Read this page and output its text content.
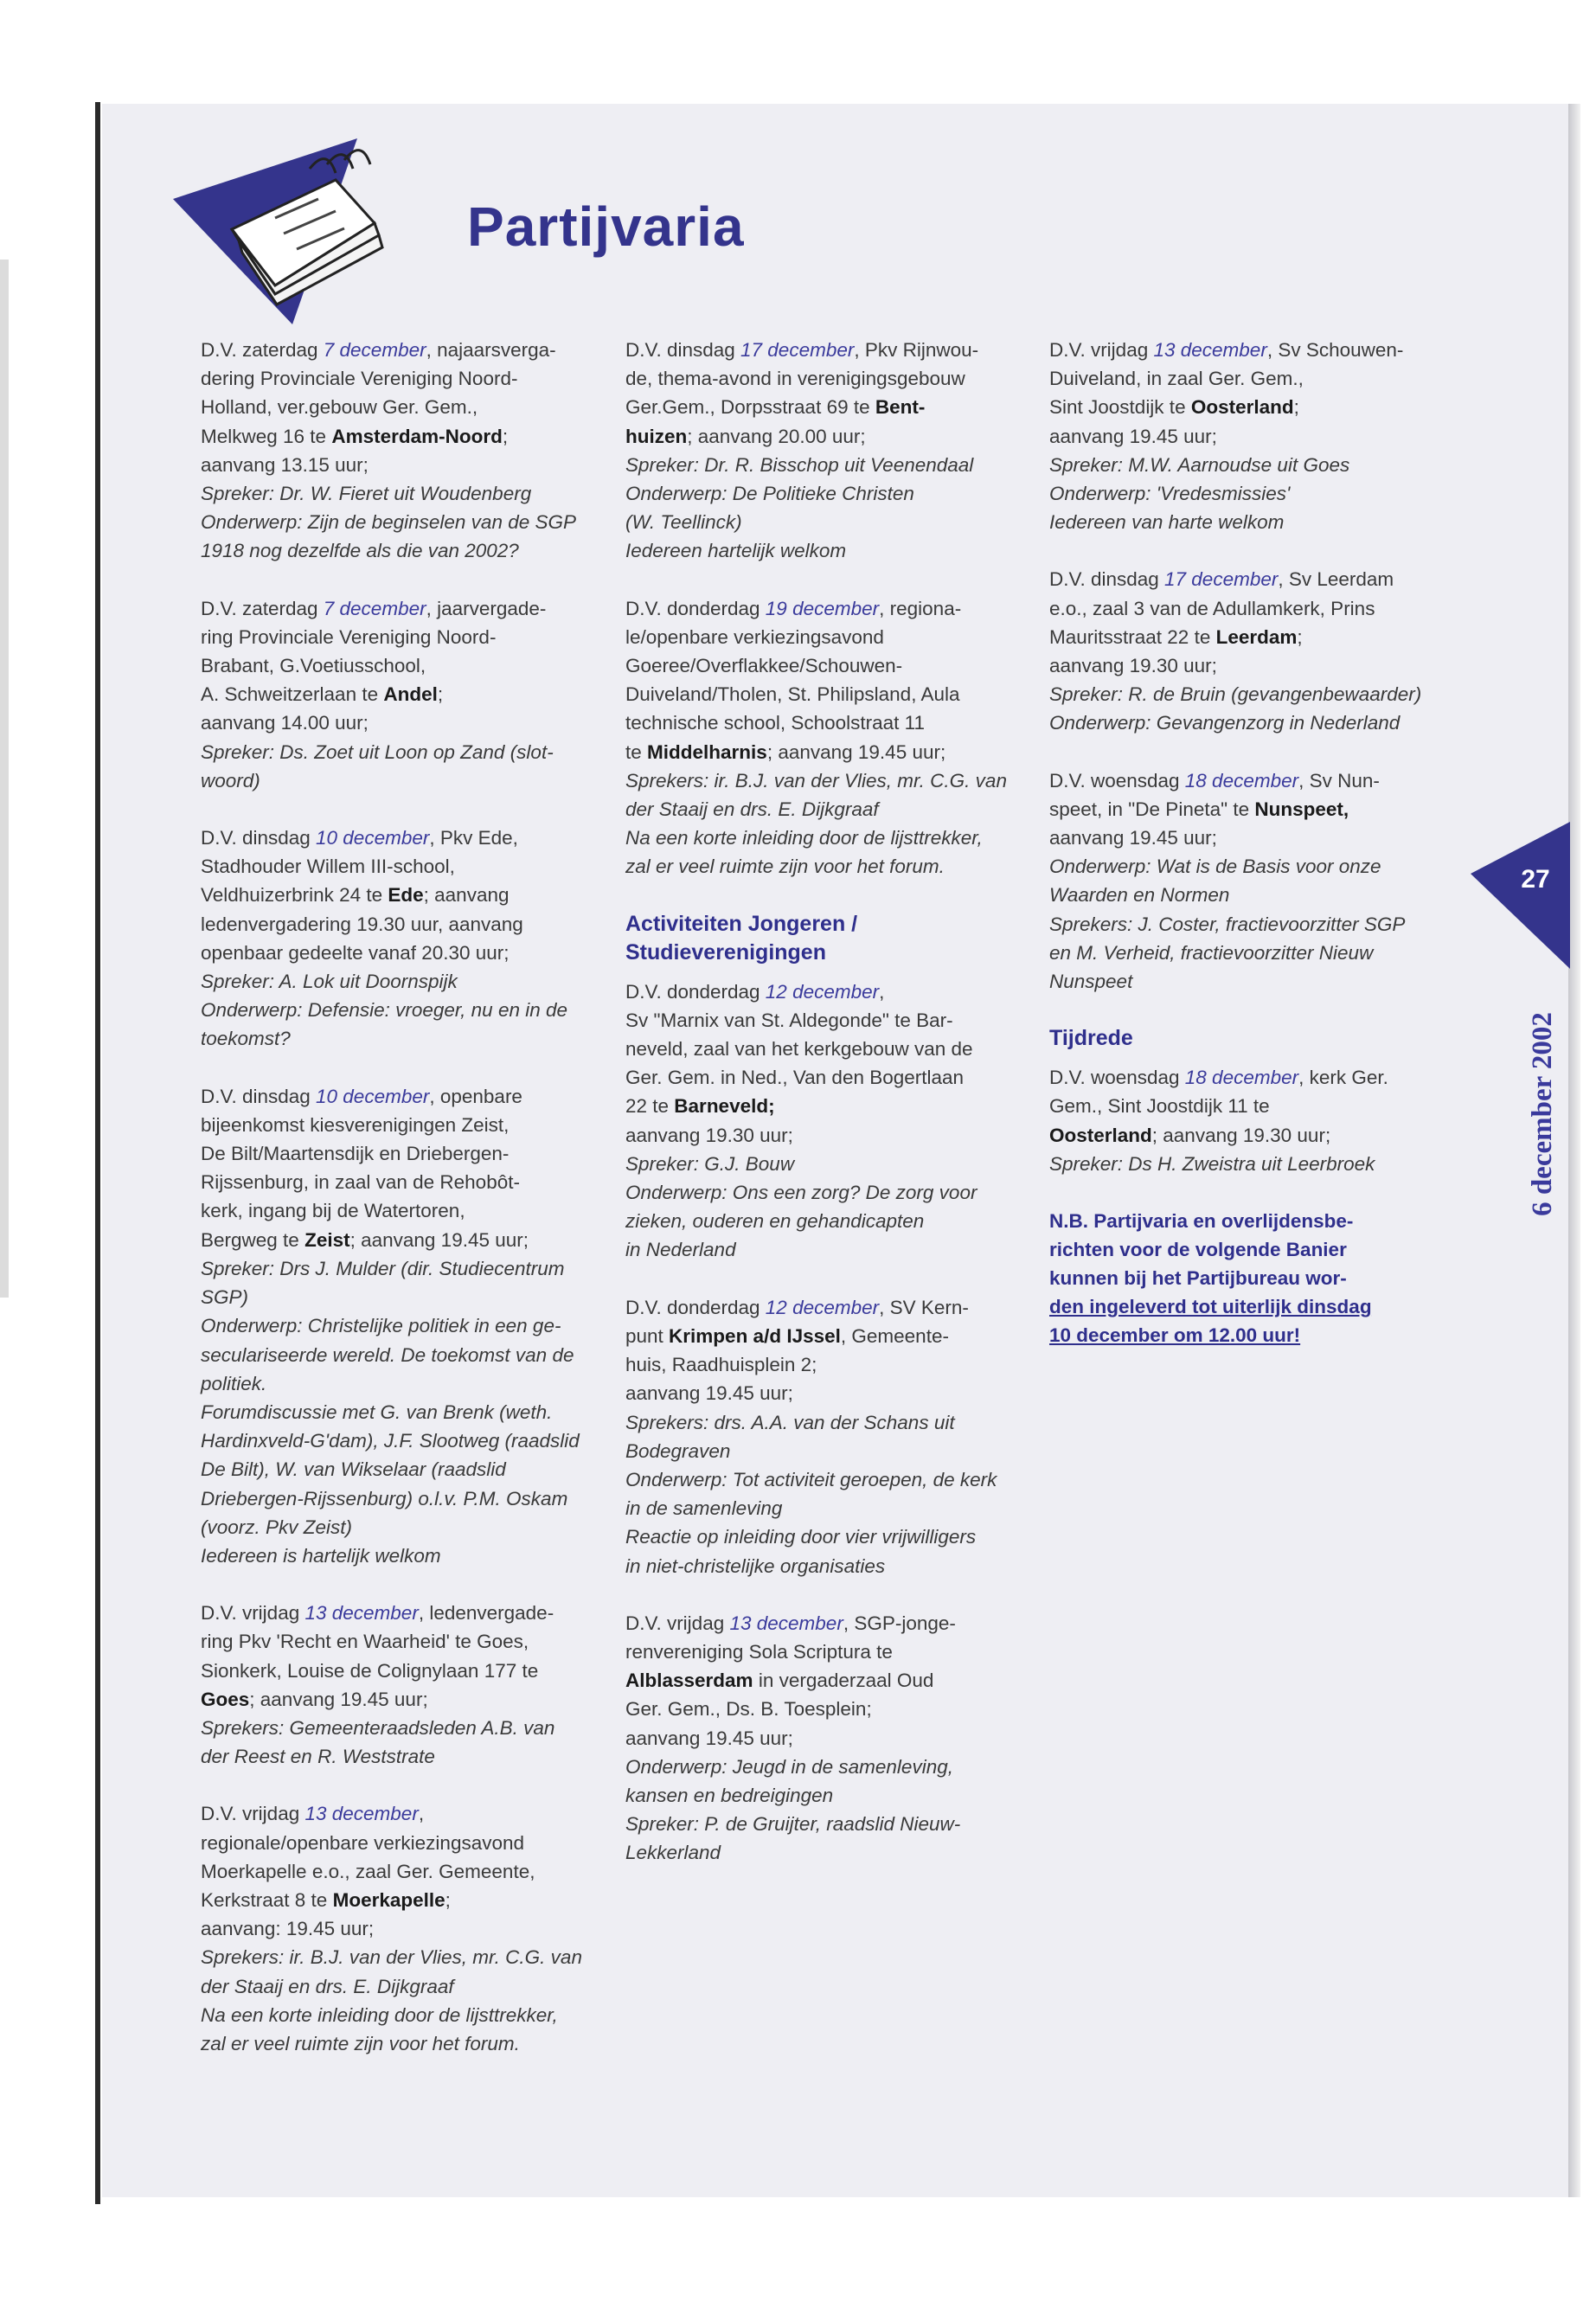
Partijvaria
D.V. zaterdag 7 december, najaarsverga-
dering Provinciale Vereniging Noord-
Holland, ver.gebouw Ger. Gem.,
Melkweg 16 te Amsterdam-Noord;
aanvang 13.15 uur;
Spreker: Dr. W. Fieret uit Woudenberg
Onderwerp: Zijn de beginselen van de SGP
1918 nog dezelfde als die van 2002?
D.V. zaterdag 7 december, jaarvergade-
ring Provinciale Vereniging Noord-
Brabant, G.Voetiusschool,
A. Schweitzerlaan te Andel;
aanvang 14.00 uur;
Spreker: Ds. Zoet uit Loon op Zand (slot-
woord)
D.V. dinsdag 10 december, Pkv Ede,
Stadhouder Willem III-school,
Veldhuizerbrink 24 te Ede; aanvang
ledenvergadering 19.30 uur, aanvang
openbaar gedeelte vanaf 20.30 uur;
Spreker: A. Lok uit Doornspijk
Onderwerp: Defensie: vroeger, nu en in de
toekomst?
D.V. dinsdag 10 december, openbare
bijeenkomst kiesverenigingen Zeist,
De Bilt/Maartensdijk en Driebergen-
Rijssenburg, in zaal van de Rehobôt-
kerk, ingang bij de Watertoren,
Bergweg te Zeist; aanvang 19.45 uur;
Spreker: Drs J. Mulder (dir. Studiecentrum
SGP)
Onderwerp: Christelijke politiek in een ge-
seculariseerde wereld. De toekomst van de
politiek.
Forumdiscussie met G. van Brenk (weth.
Hardinxveld-G'dam), J.F. Slootweg (raadslid
De Bilt), W. van Wikselaar (raadslid
Driebergen-Rijssenburg) o.l.v. P.M. Oskam
(voorz. Pkv Zeist)
Iedereen is hartelijk welkom
D.V. vrijdag 13 december, ledenvergade-
ring Pkv 'Recht en Waarheid' te Goes,
Sionkerk, Louise de Colignylaan 177 te
Goes; aanvang 19.45 uur;
Sprekers: Gemeenteraadsleden A.B. van
der Reest en R. Weststrate
D.V. vrijdag 13 december,
regionale/openbare verkiezingsavond
Moerkapelle e.o., zaal Ger. Gemeente,
Kerkstraat 8 te Moerkapelle;
aanvang: 19.45 uur;
Sprekers: ir. B.J. van der Vlies, mr. C.G. van
der Staaij en drs. E. Dijkgraaf
Na een korte inleiding door de lijsttrekker,
zal er veel ruimte zijn voor het forum.
D.V. dinsdag 17 december, Pkv Rijnwou-
de, thema-avond in verenigingsgebouw
Ger.Gem., Dorpsstraat 69 te Bent-
huizen; aanvang 20.00 uur;
Spreker: Dr. R. Bisschop uit Veenendaal
Onderwerp: De Politieke Christen
(W. Teellinck)
Iedereen hartelijk welkom
D.V. donderdag 19 december, regiona-
le/openbare verkiezingsavond
Goeree/Overflakkee/Schouwen-
Duiveland/Tholen, St. Philipsland, Aula
technische school, Schoolstraat 11
te Middelharnis; aanvang 19.45 uur;
Sprekers: ir. B.J. van der Vlies, mr. C.G. van
der Staaij en drs. E. Dijkgraaf
Na een korte inleiding door de lijsttrekker,
zal er veel ruimte zijn voor het forum.
Activiteiten Jongeren /
Studieverenigingen
D.V. donderdag 12 december,
Sv "Marnix van St. Aldegonde" te Bar-
neveld, zaal van het kerkgebouw van de
Ger. Gem. in Ned., Van den Bogertlaan
22 te Barneveld;
aanvang 19.30 uur;
Spreker: G.J. Bouw
Onderwerp: Ons een zorg? De zorg voor
zieken, ouderen en gehandicapten
in Nederland
D.V. donderdag 12 december, SV Kern-
punt Krimpen a/d IJssel, Gemeente-
huis, Raadhuisplein 2;
aanvang 19.45 uur;
Sprekers: drs. A.A. van der Schans uit
Bodegraven
Onderwerp: Tot activiteit geroepen, de kerk
in de samenleving
Reactie op inleiding door vier vrijwilligers
in niet-christelijke organisaties
D.V. vrijdag 13 december, SGP-jonge-
renvereniging Sola Scriptura te
Alblasserdam in vergaderzaal Oud
Ger. Gem., Ds. B. Toesplein;
aanvang 19.45 uur;
Onderwerp: Jeugd in de samenleving,
kansen en bedreigingen
Spreker: P. de Gruijter, raadslid Nieuw-
Lekkerland
D.V. vrijdag 13 december, Sv Schouwen-
Duiveland, in zaal Ger. Gem.,
Sint Joostdijk te Oosterland;
aanvang 19.45 uur;
Spreker: M.W. Aarnoudse uit Goes
Onderwerp: 'Vredesmissies'
Iedereen van harte welkom
D.V. dinsdag 17 december, Sv Leerdam
e.o., zaal 3 van de Adullamkerk, Prins
Mauritsstraat 22 te Leerdam;
aanvang 19.30 uur;
Spreker: R. de Bruin (gevangenbewaarder)
Onderwerp: Gevangenzorg in Nederland
D.V. woensdag 18 december, Sv Nun-
speet, in "De Pineta" te Nunspeet,
aanvang 19.45 uur;
Onderwerp: Wat is de Basis voor onze
Waarden en Normen
Sprekers: J. Coster, fractievoorzitter SGP
en M. Verheid, fractievoorzitter Nieuw
Nunspeet
Tijdrede
D.V. woensdag 18 december, kerk Ger.
Gem., Sint Joostdijk 11 te
Oosterland; aanvang 19.30 uur;
Spreker: Ds H. Zweistra uit Leerbroek
N.B. Partijvaria en overlijdensbe-
richten voor de volgende Banier
kunnen bij het Partijbureau wor-
den ingeleverd tot uiterlijk dinsdag
10 december om 12.00 uur!
27
6 december 2002
